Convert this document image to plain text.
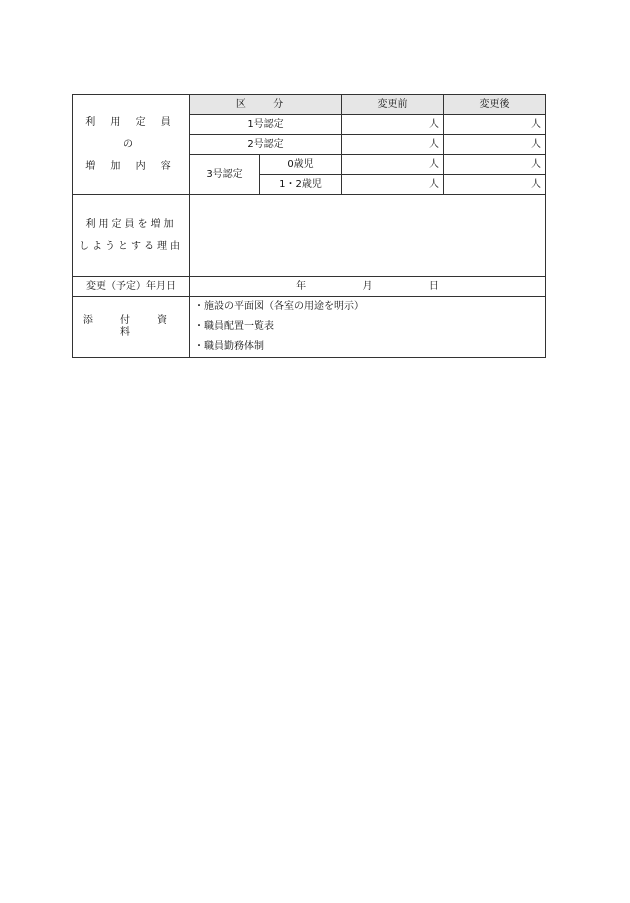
利 用 定 員 の
増 加 内 容	区 分		変更前	変更後
	1号認定		人	人
	2号認定		人	人
	3号認定	0歳児	人	人
		1・2歳児	人	人

利用定員を増加
しようとする理由				

変更（予定）年月日	年 月 日			
添 付 資 料	・施設の平面図（各室の用途を明示）
・職員配置一覧表
・職員勤務体制			
